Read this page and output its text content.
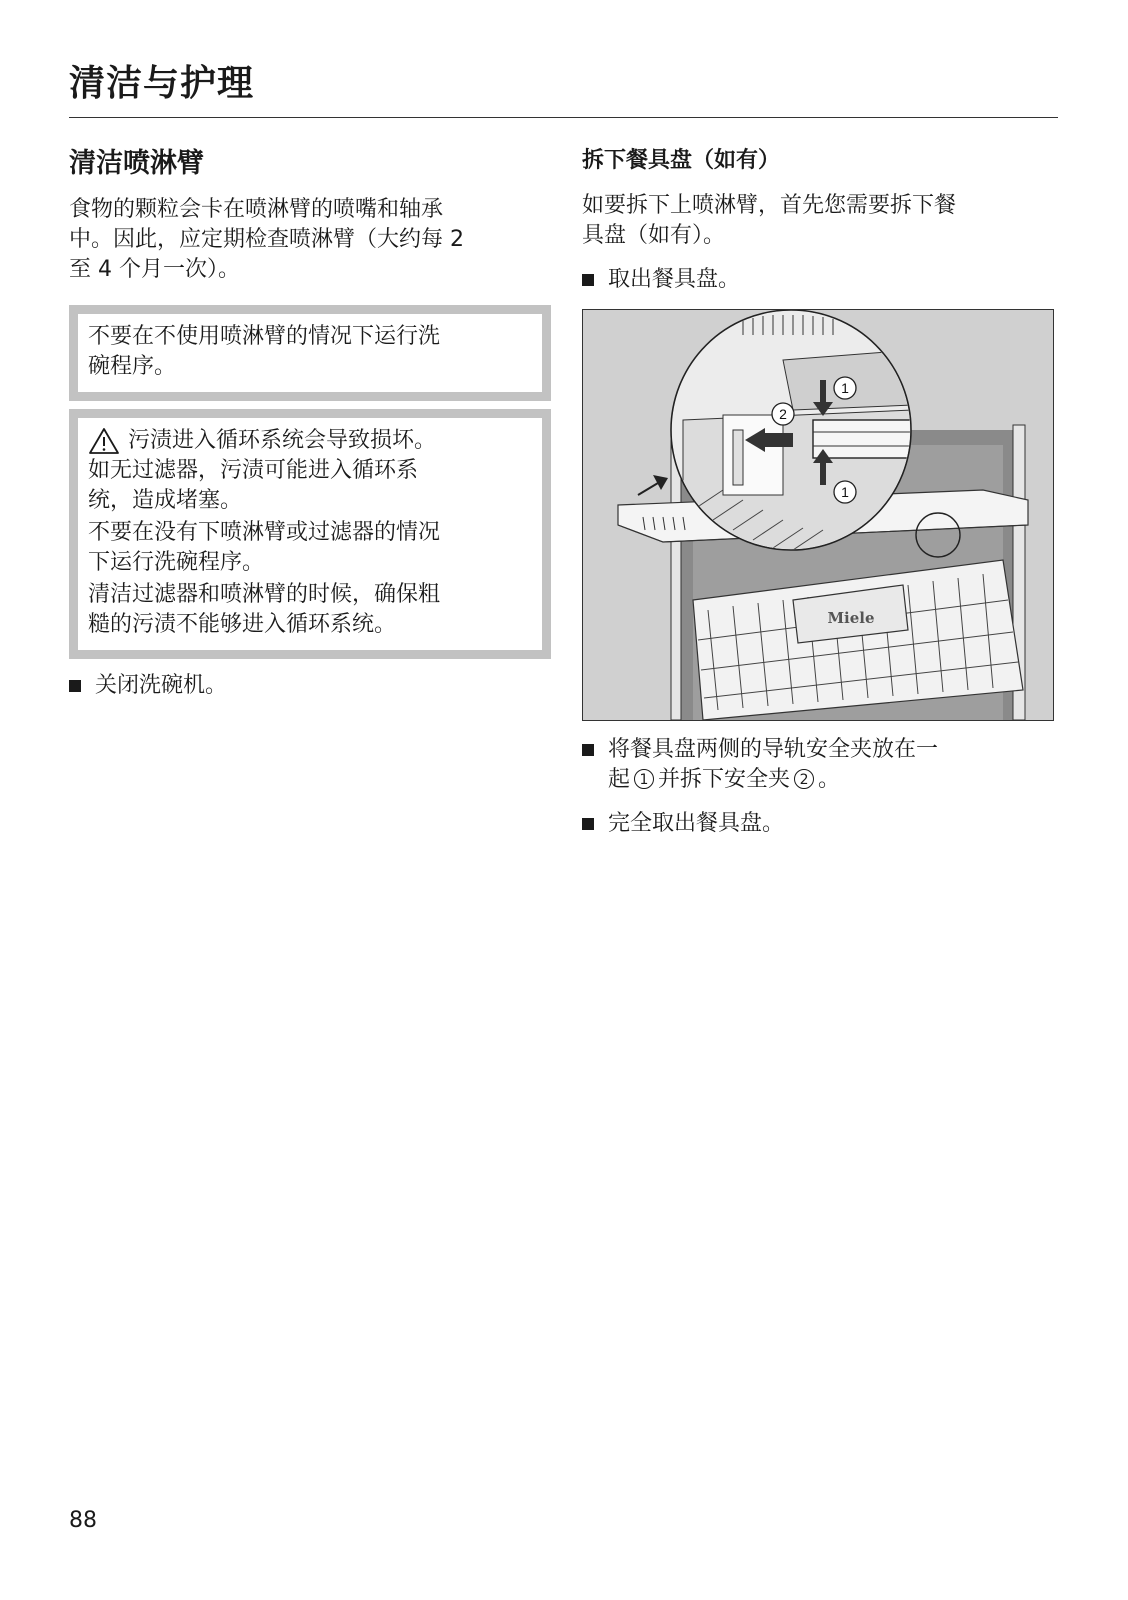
清洁与护理
清洁喷淋臂

食物的颗粒会卡在喷淋臂的喷嘴和轴承
中。因此，应定期检查喷淋臂（大约每 2
至 4 个月一次）。

不要在不使用喷淋臂的情况下运行洗
碗程序。
污渍进入循环系统会导致损坏。

如无过滤器，污渍可能进入循环系
统，造成堵塞。

不要在没有下喷淋臂或过滤器的情况
下运行洗碗程序。

清洁过滤器和喷淋臂的时候，确保粗
糙的污渍不能够进入循环系统。

关闭洗碗机。
拆下餐具盘（如有）

如要拆下上喷淋臂，首先您需要拆下餐
具盘（如有）。

取出餐具盘。
Miele
1
2
1
将餐具盘两侧的导轨安全夹放在一
起 1 并拆下安全夹 2 。
完全取出餐具盘。
88
